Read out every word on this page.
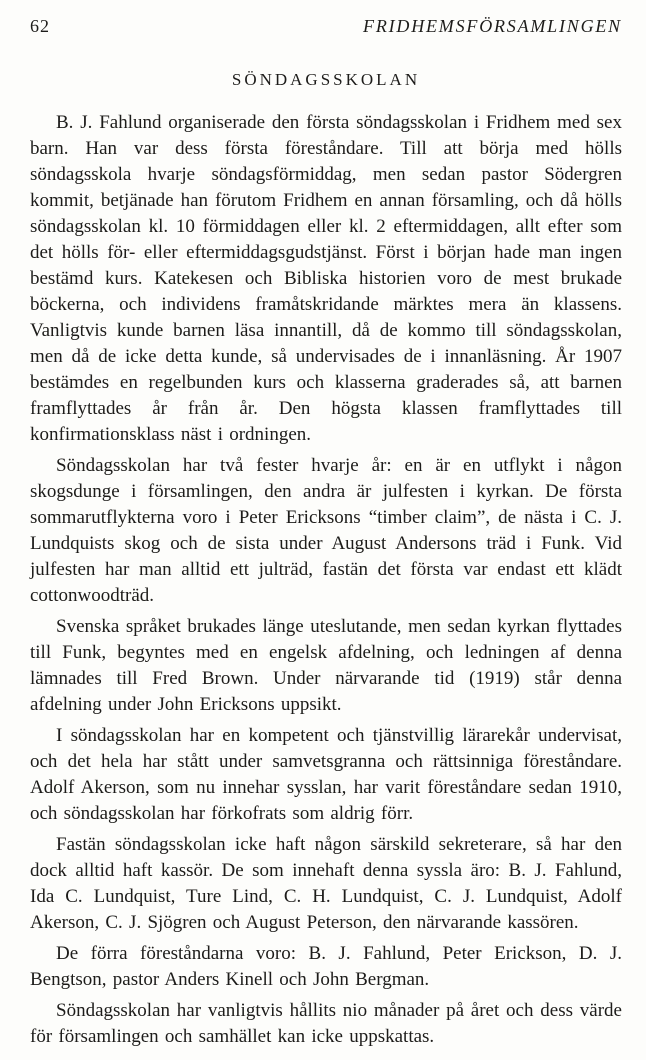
62	FRIDHEMSFÖRSAMLINGEN
SÖNDAGSSKOLAN

B. J. Fahlund organiserade den första söndagsskolan i Fridhem med sex barn. Han var dess första föreståndare. Till att börja med hölls söndagsskola hvarje söndagsförmiddag, men sedan pastor Södergren kommit, betjänade han förutom Fridhem en annan församling, och då hölls söndagsskolan kl. 10 förmiddagen eller kl. 2 eftermiddagen, allt efter som det hölls för- eller eftermiddagsgudstjänst. Först i början hade man ingen bestämd kurs. Katekesen och Bibliska historien voro de mest brukade böckerna, och individens framåtskridande märktes mera än klassens. Vanligtvis kunde barnen läsa innantill, då de kommo till söndagsskolan, men då de icke detta kunde, så undervisades de i innanläsning. År 1907 bestämdes en regelbunden kurs och klasserna graderades så, att barnen framflyttades år från år. Den högsta klassen framflyttades till konfirmationsklass näst i ordningen.

Söndagsskolan har två fester hvarje år: en är en utflykt i någon skogsdunge i församlingen, den andra är julfesten i kyrkan. De första sommarutflykterna voro i Peter Ericksons “timber claim”, de nästa i C. J. Lundquists skog och de sista under August Andersons träd i Funk. Vid julfesten har man alltid ett julträd, fastän det första var endast ett klädt cottonwoodträd.

Svenska språket brukades länge uteslutande, men sedan kyrkan flyttades till Funk, begyntes med en engelsk afdelning, och ledningen af denna lämnades till Fred Brown. Under närvarande tid (1919) står denna afdelning under John Ericksons uppsikt.

I söndagsskolan har en kompetent och tjänstvillig lärarekår undervisat, och det hela har stått under samvetsgranna och rättsinniga föreståndare. Adolf Akerson, som nu innehar sysslan, har varit föreståndare sedan 1910, och söndagsskolan har förkofrats som aldrig förr.

Fastän söndagsskolan icke haft någon särskild sekreterare, så har den dock alltid haft kassör. De som innehaft denna syssla äro: B. J. Fahlund, Ida C. Lundquist, Ture Lind, C. H. Lundquist, C. J. Lundquist, Adolf Akerson, C. J. Sjögren och August Peterson, den närvarande kassören.

De förra föreståndarna voro: B. J. Fahlund, Peter Erickson, D. J. Bengtson, pastor Anders Kinell och John Bergman.

Söndagsskolan har vanligtvis hållits nio månader på året och dess värde för församlingen och samhället kan icke uppskattas.
